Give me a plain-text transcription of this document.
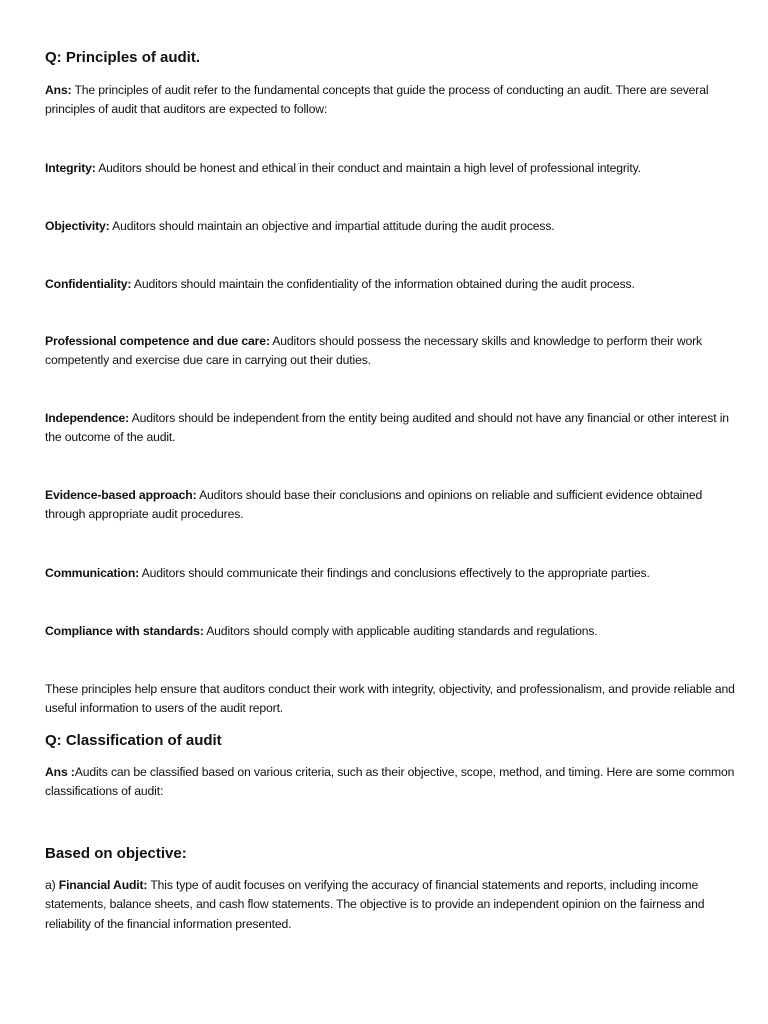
Q: Principles of audit.

Ans: The principles of audit refer to the fundamental concepts that guide the process of conducting an audit. There are several principles of audit that auditors are expected to follow:

Integrity: Auditors should be honest and ethical in their conduct and maintain a high level of professional integrity.

Objectivity: Auditors should maintain an objective and impartial attitude during the audit process.

Confidentiality: Auditors should maintain the confidentiality of the information obtained during the audit process.

Professional competence and due care: Auditors should possess the necessary skills and knowledge to perform their work competently and exercise due care in carrying out their duties.

Independence: Auditors should be independent from the entity being audited and should not have any financial or other interest in the outcome of the audit.

Evidence-based approach: Auditors should base their conclusions and opinions on reliable and sufficient evidence obtained through appropriate audit procedures.

Communication: Auditors should communicate their findings and conclusions effectively to the appropriate parties.

Compliance with standards: Auditors should comply with applicable auditing standards and regulations.

These principles help ensure that auditors conduct their work with integrity, objectivity, and professionalism, and provide reliable and useful information to users of the audit report.

Q: Classification of audit

Ans :Audits can be classified based on various criteria, such as their objective, scope, method, and timing. Here are some common classifications of audit:

Based on objective:

a) Financial Audit: This type of audit focuses on verifying the accuracy of financial statements and reports, including income statements, balance sheets, and cash flow statements. The objective is to provide an independent opinion on the fairness and reliability of the financial information presented.
